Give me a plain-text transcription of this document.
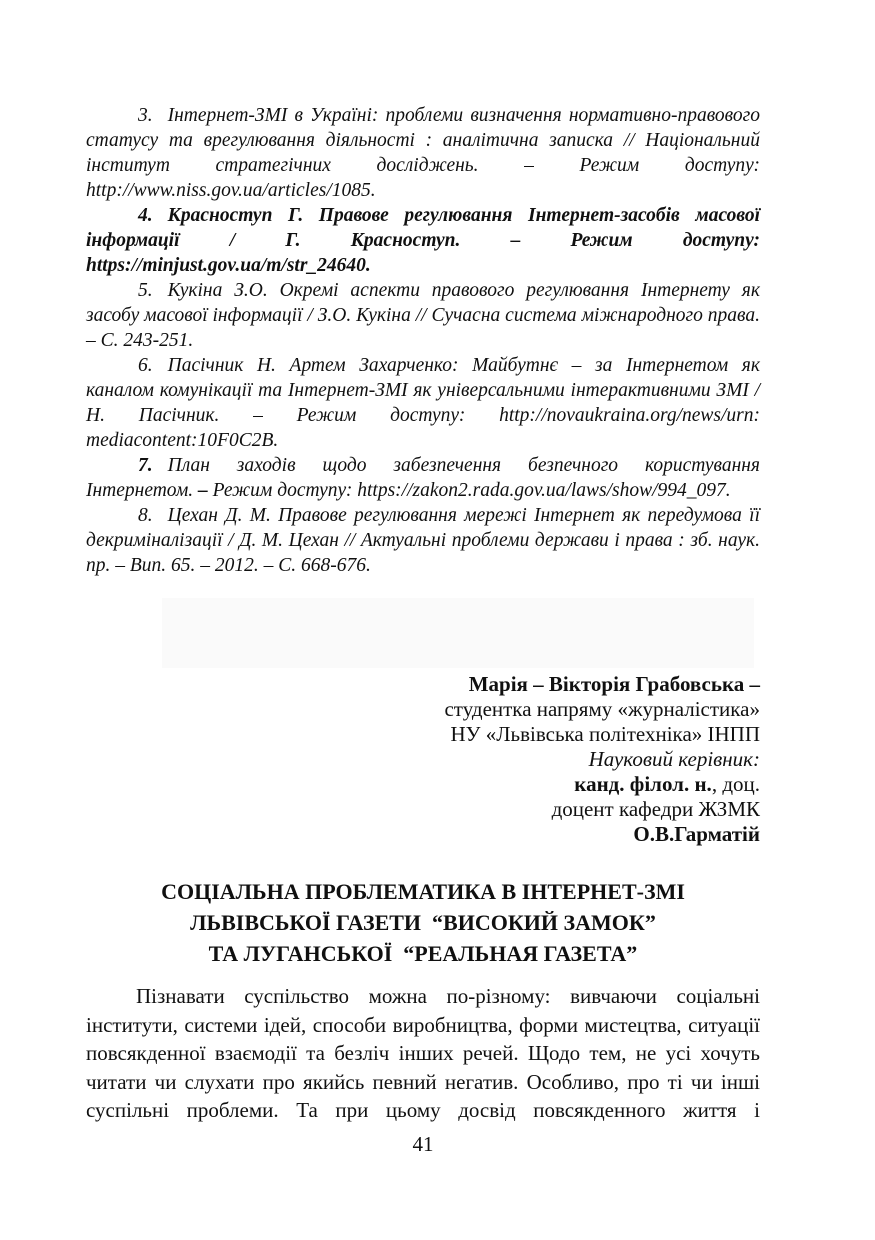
3. Інтернет-ЗМІ в Україні: проблеми визначення нормативно-правового статусу та врегулювання діяльності : аналітична записка // Національний інститут стратегічних досліджень. – Режим доступу: http://www.niss.gov.ua/articles/1085.

4. Красноступ Г. Правове регулювання Інтернет-засобів масової інформації / Г. Красноступ. – Режим доступу: https://minjust.gov.ua/m/str_24640.

5. Кукіна З.О. Окремі аспекти правового регулювання Інтернету як засобу масової інформації / З.О. Кукіна // Сучасна система міжнародного права. – С. 243-251.

6. Пасічник Н. Артем Захарченко: Майбутнє – за Інтернетом як каналом комунікації та Інтернет-ЗМІ як універсальними інтерактивними ЗМІ / Н. Пасічник. – Режим доступу: http://novaukraina.org/news/urn: mediacontent:10F0C2B.

7. План заходів щодо забезпечення безпечного користування Інтернетом. – Режим доступу: https://zakon2.rada.gov.ua/laws/show/994_097.

8. Цехан Д. М. Правове регулювання мережі Інтернет як передумова її декриміналізації / Д. М. Цехан // Актуальні проблеми держави і права : зб. наук. пр. – Вип. 65. – 2012. – С. 668-676.

Марія – Вікторія Грабовська –

студентка напряму «журналістика»

НУ «Львівська політехніка» ІНПП

Науковий керівник:

канд. філол. н., доц.

доцент кафедри ЖЗМК

О.В.Гарматій

СОЦІАЛЬНА ПРОБЛЕМАТИКА В ІНТЕРНЕТ-ЗМІ
ЛЬВІВСЬКОЇ ГАЗЕТИ  “ВИСОКИЙ ЗАМОК”
ТА ЛУГАНСЬКОЇ  “РЕАЛЬНАЯ ГАЗЕТА”

Пізнавати суспільство можна по-різному: вивчаючи соціальні інститути, системи ідей, способи виробництва, форми мистецтва, ситуації повсякденної взаємодії та безліч інших речей. Щодо тем, не усі хочуть читати чи слухати про якийсь певний негатив. Особливо, про ті чи інші суспільні проблеми. Та при цьому досвід повсякденного життя і

41
